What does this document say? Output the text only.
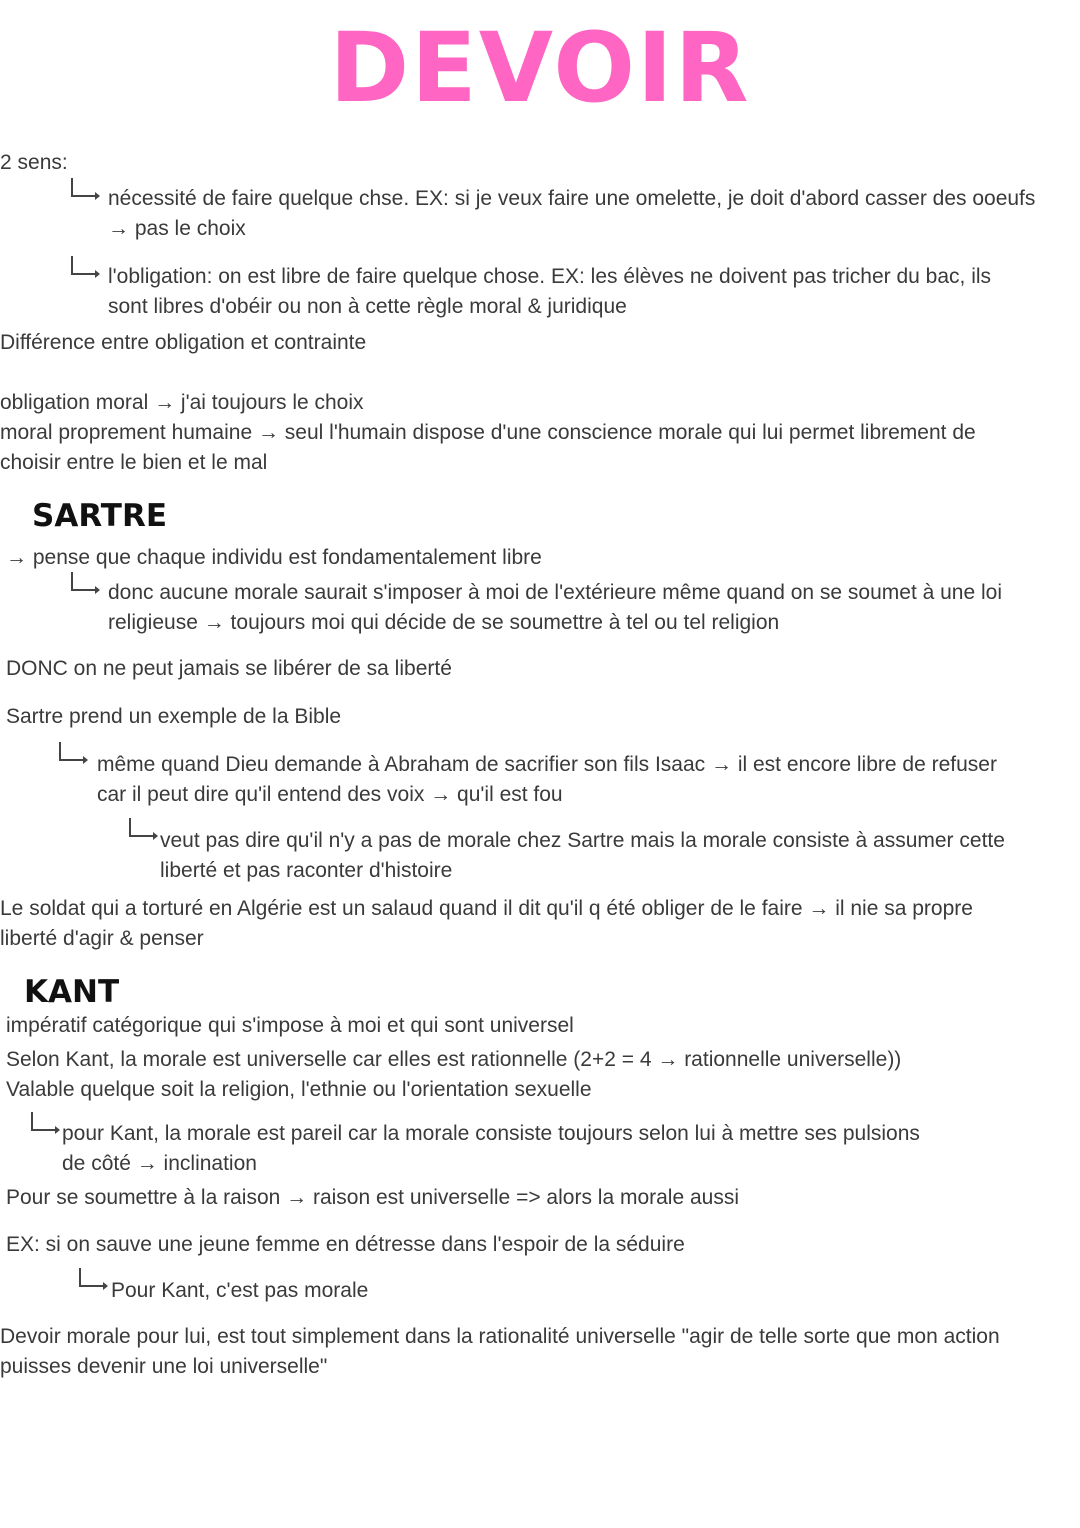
DEVOIR
2 sens:
nécessité de faire quelque chse. EX: si je veux faire une omelette, je doit d'abord casser des ooeufs
→ pas le choix
l'obligation: on est libre de faire quelque chose. EX: les élèves ne doivent pas tricher du bac, ils
sont libres d'obéir ou non à cette règle moral & juridique
Différence entre obligation et contrainte
obligation moral → j'ai toujours le choix
moral proprement humaine → seul l'humain dispose d'une conscience morale qui lui permet librement de
choisir entre le bien et le mal
SARTRE
→ pense que chaque individu est fondamentalement libre
donc aucune morale saurait s'imposer à moi de l'extérieure même quand on se soumet à une loi
religieuse → toujours moi qui décide de se soumettre à tel ou tel religion
DONC on ne peut jamais se libérer de sa liberté
Sartre prend un exemple de la Bible
même quand Dieu demande à Abraham de sacrifier son fils Isaac → il est encore libre de refuser
car il peut dire qu'il entend des voix → qu'il est fou
veut pas dire qu'il n'y a pas de morale chez Sartre mais la morale consiste à assumer cette
liberté et pas raconter d'histoire
Le soldat qui a torturé en Algérie est un salaud quand il dit qu'il q été obliger de le faire → il nie sa propre
liberté d'agir & penser
KANT
impératif catégorique qui s'impose à moi et qui sont universel
Selon Kant, la morale est universelle car elles est rationnelle (2+2 = 4 → rationnelle universelle))
Valable quelque soit la religion, l'ethnie ou l'orientation sexuelle
pour Kant, la morale est pareil car la morale consiste toujours selon lui à mettre ses pulsions
de côté → inclination
Pour se soumettre à la raison → raison est universelle => alors la morale aussi
EX: si on sauve une jeune femme en détresse dans l'espoir de la séduire
Pour Kant, c'est pas morale
Devoir morale pour lui, est tout simplement dans la rationalité universelle "agir de telle sorte que mon action
puisses devenir une loi universelle"
